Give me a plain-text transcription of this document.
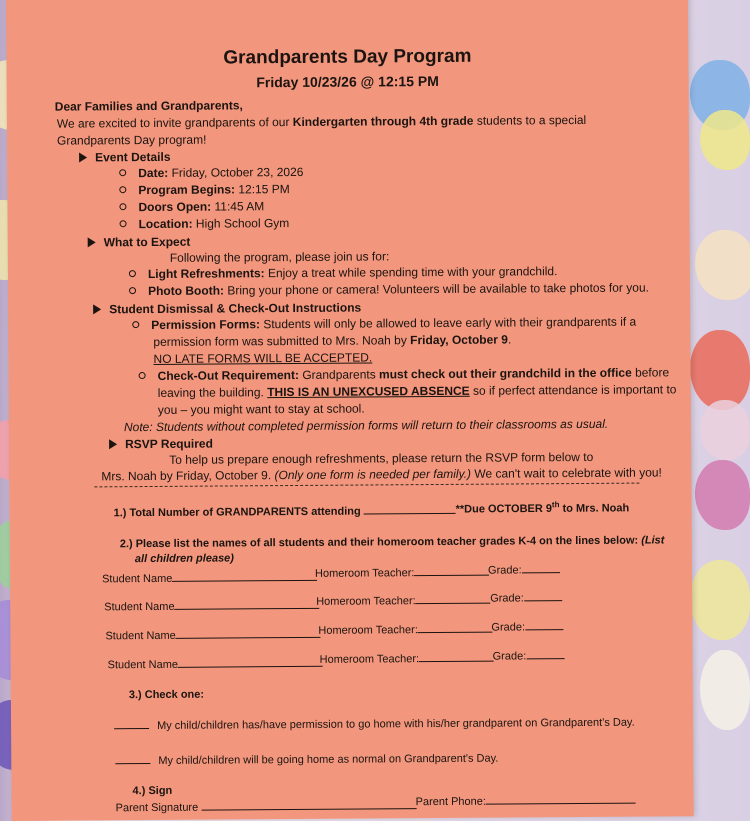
Grandparents Day Program
Friday 10/23/26 @ 12:15 PM
Dear Families and Grandparents,
We are excited to invite grandparents of our Kindergarten through 4th grade students to a special
Grandparents Day program!
Event Details
Date: Friday, October 23, 2026
Program Begins: 12:15 PM
Doors Open: 11:45 AM
Location: High School Gym
What to Expect
Following the program, please join us for:
Light Refreshments: Enjoy a treat while spending time with your grandchild.
Photo Booth: Bring your phone or camera! Volunteers will be available to take photos for you.
Student Dismissal & Check-Out Instructions
Permission Forms: Students will only be allowed to leave early with their grandparents if a
permission form was submitted to Mrs. Noah by Friday, October 9.
NO LATE FORMS WILL BE ACCEPTED.
Check-Out Requirement: Grandparents must check out their grandchild in the office before
leaving the building. THIS IS AN UNEXCUSED ABSENCE so if perfect attendance is important to
you – you might want to stay at school.
Note: Students without completed permission forms will return to their classrooms as usual.
RSVP Required
To help us prepare enough refreshments, please return the RSVP form below to
Mrs. Noah by Friday, October 9. (Only one form is needed per family.) We can't wait to celebrate with you!
1.) Total Number of GRANDPARENTS attending	**Due OCTOBER 9th to Mrs. Noah
2.) Please list the names of all students and their homeroom teacher grades K-4 on the lines below: (List
all children please)
Student Name	Homeroom Teacher:	Grade:
Student Name	Homeroom Teacher:	Grade:
Student Name	Homeroom Teacher:	Grade:
Student Name	Homeroom Teacher:	Grade:
3.) Check one:
My child/children has/have permission to go home with his/her grandparent on Grandparent's Day.
My child/children will be going home as normal on Grandparent's Day.
4.) Sign
Parent Signature	Parent Phone:
